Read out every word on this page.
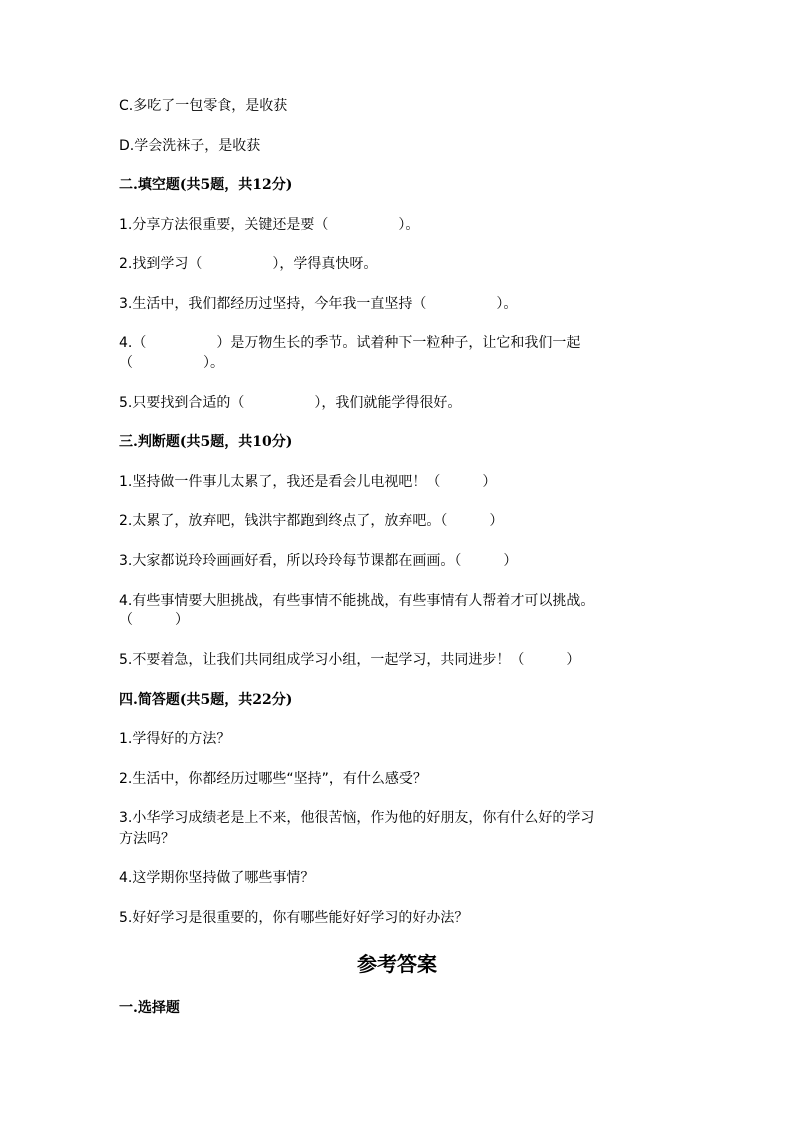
C.多吃了一包零食，是收获
D.学会洗袜子，是收获
二.填空题(共5题，共12分)
1.分享方法很重要，关键还是要（　　　　　）。
2.找到学习（　　　　　），学得真快呀。
3.生活中，我们都经历过坚持，今年我一直坚持（　　　　　）。
4.（　　　　　）是万物生长的季节。试着种下一粒种子，让它和我们一起
（　　　　　）。
5.只要找到合适的（　　　　　），我们就能学得很好。
三.判断题(共5题，共10分)
1.坚持做一件事儿太累了，我还是看会儿电视吧！（　　　）
2.太累了，放弃吧，钱洪宇都跑到终点了，放弃吧。（　　　）
3.大家都说玲玲画画好看，所以玲玲每节课都在画画。（　　　）
4.有些事情要大胆挑战，有些事情不能挑战，有些事情有人帮着才可以挑战。
（　　　）
5.不要着急，让我们共同组成学习小组，一起学习，共同进步！（　　　）
四.简答题(共5题，共22分)
1.学得好的方法？
2.生活中，你都经历过哪些“坚持”，有什么感受？
3.小华学习成绩老是上不来，他很苦恼，作为他的好朋友，你有什么好的学习
方法吗？
4.这学期你坚持做了哪些事情？
5.好好学习是很重要的，你有哪些能好好学习的好办法？
参考答案
一.选择题
